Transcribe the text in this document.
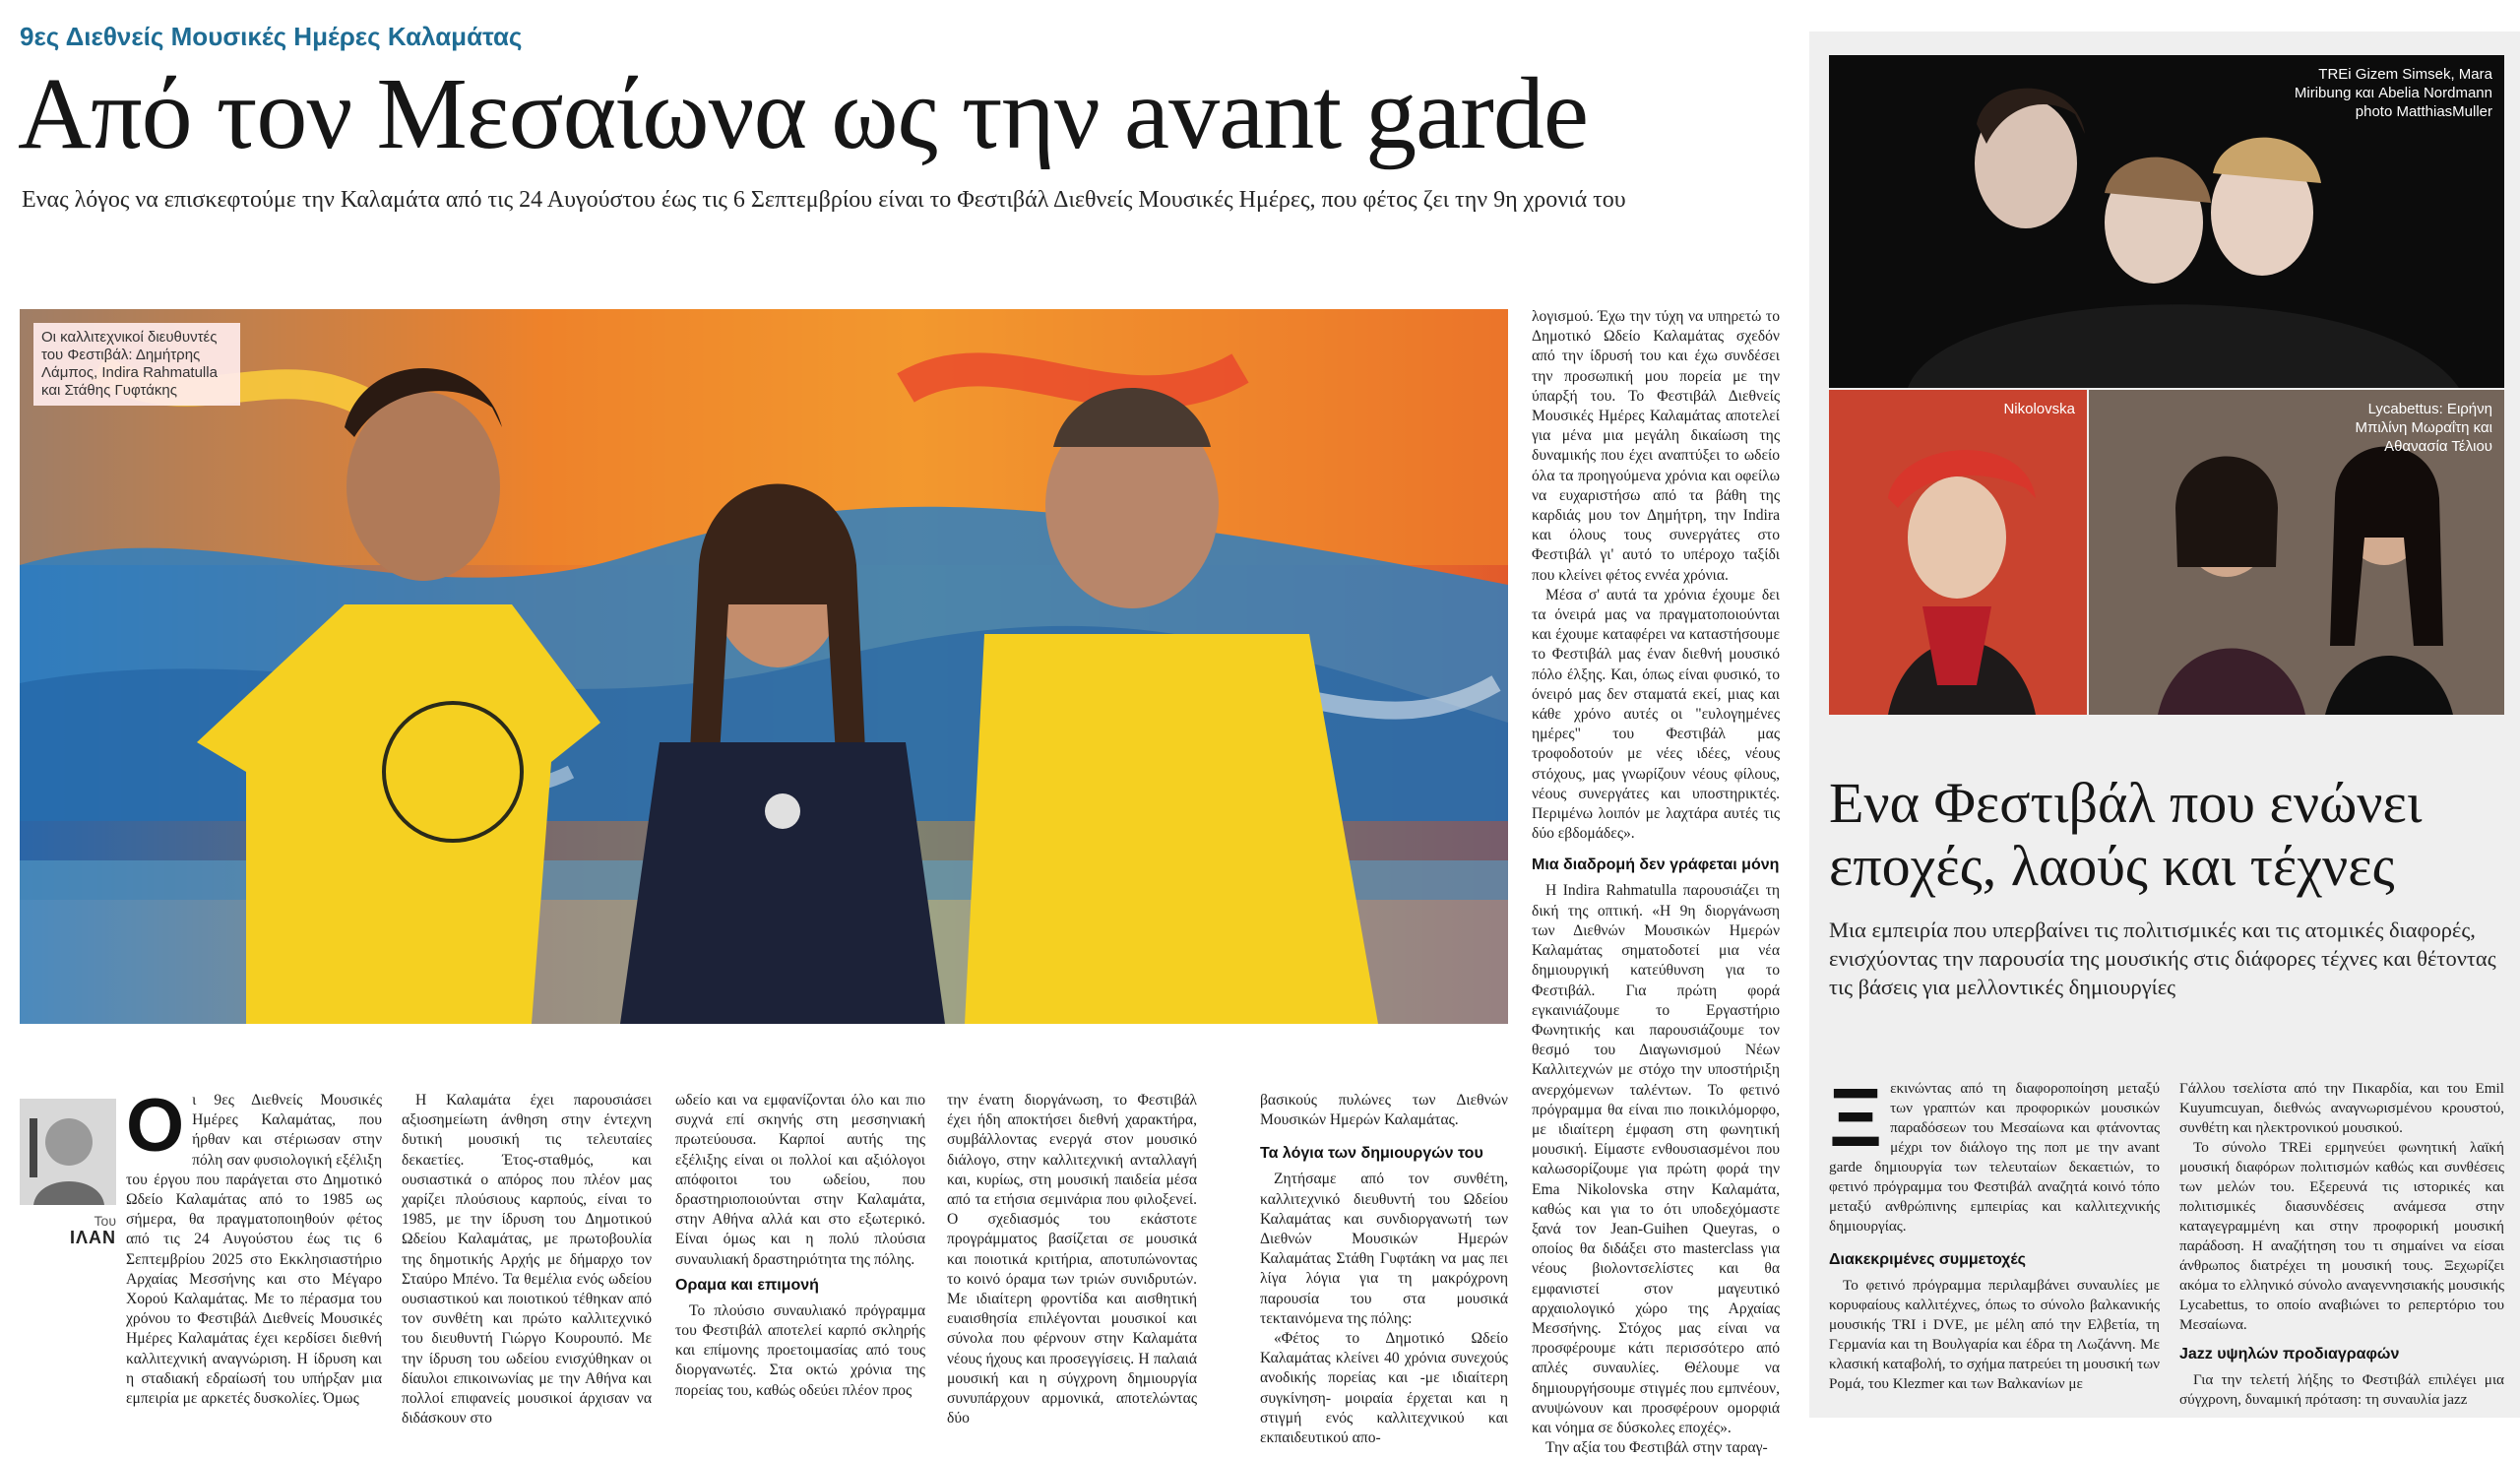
9ες Διεθνείς Μουσικές Ημέρες Καλαμάτας
Από τον Μεσαίωνα ως την avant garde
Ενας λόγος να επισκεφτούμε την Καλαμάτα από τις 24 Αυγούστου έως τις 6 Σεπτεμβρίου είναι το Φεστιβάλ Διεθνείς Μουσικές Ημέρες, που φέτος ζει την 9η χρονιά του
Οι καλλιτεχνικοί διευθυντές του Φεστιβάλ: Δημήτρης Λάμπος, Indira Rahmatulla και Στάθης Γυφτάκης
Του
ΙΛΑΝ

Οι 9ες Διεθνείς Μουσικές Ημέρες Καλαμάτας, που ήρθαν και στέριωσαν στην πόλη σαν φυσιολογική εξέλιξη του έργου που παράγεται στο Δημοτικό Ωδείο Καλαμάτας από το 1985 ως σήμερα, θα πραγματοποιηθούν φέτος από τις 24 Αυγούστου έως τις 6 Σεπτεμβρίου 2025 στο Εκκλησιαστήριο Αρχαίας Μεσσήνης και στο Μέγαρο Χορού Καλαμάτας. Με το πέρασμα του χρόνου το Φεστιβάλ Διεθνείς Μουσικές Ημέρες Καλαμάτας έχει κερδίσει διεθνή καλλιτεχνική αναγνώριση. Η ίδρυση και η σταδιακή εδραίωσή του υπήρξαν μια εμπειρία με αρκετές δυσκολίες. Όμως

Η Καλαμάτα έχει παρουσιάσει αξιοσημείωτη άνθηση στην έντεχνη δυτική μουσική τις τελευταίες δεκαετίες. Έτος-σταθμός, και ουσιαστικά ο απόρος που πλέον μας χαρίζει πλούσιους καρπούς, είναι το 1985, με την ίδρυση του Δημοτικού Ωδείου Καλαμάτας, με πρωτοβουλία της δημοτικής Αρχής με δήμαρχο τον Σταύρο Μπένο. Τα θεμέλια ενός ωδείου ουσιαστικού και ποιοτικού τέθηκαν από τον συνθέτη και πρώτο καλλιτεχνικό του διευθυντή Γιώργο Κουρουπό. Με την ίδρυση του ωδείου ενισχύθηκαν οι δίαυλοι επικοινωνίας με την Αθήνα και πολλοί επιφανείς μουσικοί άρχισαν να διδάσκουν στο

ωδείο και να εμφανίζονται όλο και πιο συχνά επί σκηνής στη μεσσηνιακή πρωτεύουσα. Καρποί αυτής της εξέλιξης είναι οι πολλοί και αξιόλογοι απόφοιτοι του ωδείου, που δραστηριοποιούνται στην Καλαμάτα, στην Αθήνα αλλά και στο εξωτερικό. Είναι όμως και η πολύ πλούσια συναυλιακή δραστηριότητα της πόλης.

Οραμα και επιμονή

Το πλούσιο συναυλιακό πρόγραμμα του Φεστιβάλ αποτελεί καρπό σκληρής και επίμονης προετοιμασίας από τους διοργανωτές. Στα οκτώ χρόνια της πορείας του, καθώς οδεύει πλέον προς

την ένατη διοργάνωση, το Φεστιβάλ έχει ήδη αποκτήσει διεθνή χαρακτήρα, συμβάλλοντας ενεργά στον μουσικό διάλογο, στην καλλιτεχνική ανταλλαγή και, κυρίως, στη μουσική παιδεία μέσα από τα ετήσια σεμινάρια που φιλοξενεί. Ο σχεδιασμός του εκάστοτε προγράμματος βασίζεται σε μουσικά και ποιοτικά κριτήρια, αποτυπώνοντας το κοινό όραμα των τριών συνιδρυτών. Με ιδιαίτερη φροντίδα και αισθητική ευαισθησία επιλέγονται μουσικοί και σύνολα που φέρνουν στην Καλαμάτα νέους ήχους και προσεγγίσεις. Η παλαιά μουσική και η σύγχρονη δημιουργία συνυπάρχουν αρμονικά, αποτελώντας δύο

βασικούς πυλώνες των Διεθνών Μουσικών Ημερών Καλαμάτας.

Τα λόγια των δημιουργών του

Ζητήσαμε από τον συνθέτη, καλλιτεχνικό διευθυντή του Ωδείου Καλαμάτας και συνδιοργανωτή των Διεθνών Μουσικών Ημερών Καλαμάτας Στάθη Γυφτάκη να μας πει λίγα λόγια για τη μακρόχρονη παρουσία του στα μουσικά τεκταινόμενα της πόλης:

«Φέτος το Δημοτικό Ωδείο Καλαμάτας κλείνει 40 χρόνια συνεχούς ανοδικής πορείας και -με ιδιαίτερη συγκίνηση- μοιραία έρχεται και η στιγμή ενός καλλιτεχνικού και εκπαιδευτικού απο-

λογισμού. Έχω την τύχη να υπηρετώ το Δημοτικό Ωδείο Καλαμάτας σχεδόν από την ίδρυσή του και έχω συνδέσει την προσωπική μου πορεία με την ύπαρξή του. Το Φεστιβάλ Διεθνείς Μουσικές Ημέρες Καλαμάτας αποτελεί για μένα μια μεγάλη δικαίωση της δυναμικής που έχει αναπτύξει το ωδείο όλα τα προηγούμενα χρόνια και οφείλω να ευχαριστήσω από τα βάθη της καρδιάς μου τον Δημήτρη, την Indira και όλους τους συνεργάτες στο Φεστιβάλ γι' αυτό το υπέροχο ταξίδι που κλείνει φέτος εννέα χρόνια.

Μέσα σ' αυτά τα χρόνια έχουμε δει τα όνειρά μας να πραγματοποιούνται και έχουμε καταφέρει να καταστήσουμε το Φεστιβάλ μας έναν διεθνή μουσικό πόλο έλξης. Και, όπως είναι φυσικό, το όνειρό μας δεν σταματά εκεί, μιας και κάθε χρόνο αυτές οι "ευλογημένες ημέρες" του Φεστιβάλ μας τροφοδοτούν με νέες ιδέες, νέους στόχους, μας γνωρίζουν νέους φίλους, νέους συνεργάτες και υποστηρικτές. Περιμένω λοιπόν με λαχτάρα αυτές τις δύο εβδομάδες».

Μια διαδρομή δεν γράφεται μόνη

Η Indira Rahmatulla παρουσιάζει τη δική της οπτική. «Η 9η διοργάνωση των Διεθνών Μουσικών Ημερών Καλαμάτας σηματοδοτεί μια νέα δημιουργική κατεύθυνση για το Φεστιβάλ. Για πρώτη φορά εγκαινιάζουμε το Εργαστήριο Φωνητικής και παρουσιάζουμε τον θεσμό του Διαγωνισμού Νέων Καλλιτεχνών με στόχο την υποστήριξη ανερχόμενων ταλέντων. Το φετινό πρόγραμμα θα είναι πιο ποικιλόμορφο, με ιδιαίτερη έμφαση στη φωνητική μουσική. Είμαστε ενθουσιασμένοι που καλωσορίζουμε για πρώτη φορά την Ema Nikolovska στην Καλαμάτα, καθώς και για το ότι υποδεχόμαστε ξανά τον Jean-Guihen Queyras, ο οποίος θα διδάξει στο masterclass για νέους βιολοντσελίστες και θα εμφανιστεί στον μαγευτικό αρχαιολογικό χώρο της Αρχαίας Μεσσήνης. Στόχος μας είναι να προσφέρουμε κάτι περισσότερο από απλές συναυλίες. Θέλουμε να δημιουργήσουμε στιγμές που εμπνέουν, ανυψώνουν και προσφέρουν ομορφιά και νόημα σε δύσκολες εποχές».

Την αξία του Φεστιβάλ στην ταραγ-

TREi Gizem Simsek, Mara Miribung και Abelia Nordmann photo MatthiasMuller
Nikolovska	Lycabettus: Ειρήνη Μπιλίνη Μωραΐτη και Αθανασία Τέλιου
Ενα Φεστιβάλ που ενώνει εποχές, λαούς και τέχνες
Μια εμπειρία που υπερβαίνει τις πολιτισμικές και τις ατομικές διαφορές, ενισχύοντας την παρουσία της μουσικής στις διάφορες τέχνες και θέτοντας τις βάσεις για μελλοντικές δημιουργίες

Ξεκινώντας από τη διαφοροποίηση μεταξύ των γραπτών και προφορικών μουσικών παραδόσεων του Μεσαίωνα και φτάνοντας μέχρι τον διάλογο της ποπ με την avant garde δημιουργία των τελευταίων δεκαετιών, το φετινό πρόγραμμα του Φεστιβάλ αναζητά κοινό τόπο μεταξύ ανθρώπινης εμπειρίας και καλλιτεχνικής δημιουργίας.

Διακεκριμένες συμμετοχές

Το φετινό πρόγραμμα περιλαμβάνει συναυλίες με κορυφαίους καλλιτέχνες, όπως το σύνολο βαλκανικής μουσικής TRI i DVE, με μέλη από την Ελβετία, τη Γερμανία και τη Βουλγαρία και έδρα τη Λωζάννη. Με κλασική καταβολή, το σχήμα πατρεύει τη μουσική των Ρομά, του Klezmer και των Βαλκανίων με

Γάλλου τσελίστα από την Πικαρδία, και του Emil Kuyumcuyan, διεθνώς αναγνωρισμένου κρουστού, συνθέτη και ηλεκτρονικού μουσικού.

Το σύνολο TREi ερμηνεύει φωνητική λαϊκή μουσική διαφόρων πολιτισμών καθώς και συνθέσεις των μελών του. Εξερευνά τις ιστορικές και πολιτισμικές διασυνδέσεις ανάμεσα στην καταγεγραμμένη και στην προφορική μουσική παράδοση. Η αναζήτηση του τι σημαίνει να είσαι άνθρωπος διατρέχει τη μουσική τους. Ξεχωρίζει ακόμα το ελληνικό σύνολο αναγεννησιακής μουσικής Lycabettus, το οποίο αναβιώνει το ρεπερτόριο του Μεσαίωνα.

Jazz υψηλών προδιαγραφών

Για την τελετή λήξης το Φεστιβάλ επιλέγει μια σύγχρονη, δυναμική πρόταση: τη συναυλία jazz
